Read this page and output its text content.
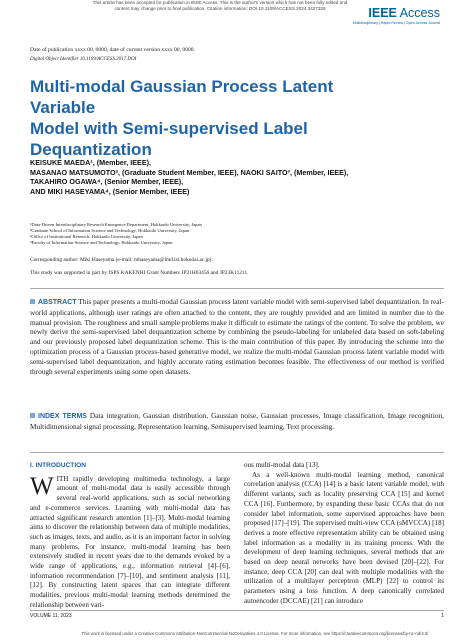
This article has been accepted for publication in IEEE Access. This is the author's version which has not been fully edited and
content may change prior to final publication. Citation information: DOI 10.1109/ACCESS.2024.3427328	IEEE Access
Multidisciplinary | Rapid Review | Open Access Journal
Date of publication xxxx 00, 0000, date of current version xxxx 00, 0000.
Digital Object Identifier 10.1109/ACCESS.2017.DOI
Multi-modal Gaussian Process Latent Variable
Model with Semi-supervised Label
Dequantization
KEISUKE MAEDA¹, (Member, IEEE),
MASANAO MATSUMOTO², (Graduate Student Member, IEEE), NAOKI SAITO³, (Member, IEEE),
TAKAHIRO OGAWA⁴, (Senior Member, IEEE),
AND MIKI HASEYAMA⁴, (Senior Member, IEEE)
¹Data-Driven Interdisciplinary Research Emergence Department, Hokkaido University, Japan
²Graduate School of Information Science and Technology, Hokkaido University, Japan
³Office of Institutional Research, Hokkaido University, Japan
⁴Faculty of Information Science and Technology, Hokkaido University, Japan
Corresponding author: Miki Haseyama (e-mail: mhaseyama@lmd.ist.hokudai.ac.jp).
This study was supported in part by JSPS KAKENHI Grant Numbers JP21H03456 and JP23K11211.
ABSTRACT This paper presents a multi-modal Gaussian process latent variable model with semi-supervised label dequantization. In real-world applications, although user ratings are often attached to the content, they are roughly provided and are limited in number due to the manual provision. The roughness and small sample problems make it difficult to estimate the ratings of the content. To solve the problem, we newly derive the semi-supervised label dequantization scheme by combining the pseudo-labeling for unlabeled data based on soft-labeling and our previously proposed label dequantization scheme. This is the main contribution of this paper. By introducing the scheme into the optimization process of a Gaussian process-based generative model, we realize the multi-modal Gaussian process latent variable model with semi-supervised label dequantization, and highly accurate rating estimation becomes feasible. The effectiveness of our method is verified through several experiments using some open datasets.
INDEX TERMS Data integration, Gaussian distribution, Gaussian noise, Gaussian processes, Image classification, Image recognition, Multidimensional signal processing, Representation learning, Semisupervised learning, Text processing.
I. INTRODUCTION

WITH rapidly developing multimedia technology, a large amount of multi-modal data is easily accessible through several real-world applications, such as social networking and e-commerce services. Learning with multi-modal data has attracted significant research attention [1]–[3]. Multi-modal learning aims to discover the relationship between data of multiple modalities, such as images, texts, and audio, as it is an important factor in solving many problems. For instance, multi-modal learning has been extensively studied in recent years due to the demands evoked by a wide range of applications, e.g., information retrieval [4]–[6], information recommendation [7]–[10], and sentiment analysis [11], [12]. By constructing latent spaces that can integrate different modalities, previous multi-modal learning methods determined the relationship between vari-

ous multi-modal data [13].

As a well-known multi-modal learning method, canonical correlation analysis (CCA) [14] is a basic latent variable model, with different variants, such as locality preserving CCA [15] and kernel CCA [16]. Furthermore, by expanding these basic CCAs that do not consider label information, some supervised approaches have been proposed [17]–[19]. The supervised multi-view CCA (sMVCCA) [18] derives a more effective representation ability can be obtained using label information as a modality in its training process. With the development of deep learning techniques, several methods that are based on deep neural networks have been devised [20]–[22]. For instance, deep CCA [20] can deal with multiple modalities with the utilization of a multilayer perceptron (MLP) [22] to control its parameters using a loss function. A deep canonically correlated autoencoder (DCCAE) [21] can introduce

VOLUME 11, 2023	1
This work is licensed under a Creative Commons Attribution-NonCommercial-NoDerivatives 4.0 License. For more information, see https://creativecommons.org/licenses/by-nc-nd/4.0/
